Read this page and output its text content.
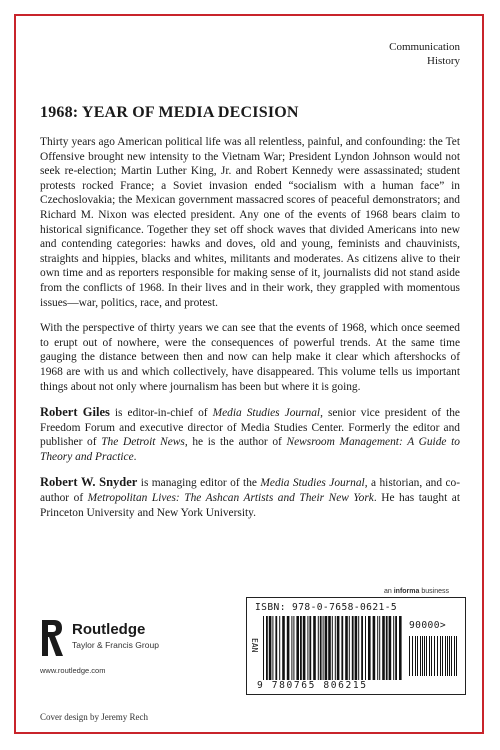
Communication
History
1968: YEAR OF MEDIA DECISION

Thirty years ago American political life was all relentless, painful, and confounding: the Tet Offensive brought new intensity to the Vietnam War; President Lyndon Johnson would not seek re-election; Martin Luther King, Jr. and Robert Kennedy were assassinated; student protests rocked France; a Soviet invasion ended “socialism with a human face” in Czechoslovakia; the Mexican government massacred scores of peaceful demonstrators; and Richard M. Nixon was elected president. Any one of the events of 1968 bears claim to historical significance. Together they set off shock waves that divided Americans into new and contending categories: hawks and doves, old and young, feminists and chauvinists, straights and hippies, blacks and whites, militants and moderates. As citizens alive to their own time and as reporters responsible for making sense of it, journalists did not stand aside from the conflicts of 1968. In their lives and in their work, they grappled with momentous issues—war, politics, race, and protest.

With the perspective of thirty years we can see that the events of 1968, which once seemed to erupt out of nowhere, were the consequences of powerful trends. At the same time gauging the distance between then and now can help make it clear which aftershocks of 1968 are with us and which collectively, have disappeared. This volume tells us important things about not only where journalism has been but where it is going.

Robert Giles is editor-in-chief of Media Studies Journal, senior vice president of the Freedom Forum and executive director of Media Studies Center. Formerly the editor and publisher of The Detroit News, he is the author of Newsroom Management: A Guide to Theory and Practice.

Robert W. Snyder is managing editor of the Media Studies Journal, a historian, and co-author of Metropolitan Lives: The Ashcan Artists and Their New York. He has taught at Princeton University and New York University.

an informa business
ISBN: 978-0-7658-0621-5
90000>
EAN
9 780765 806215
Routledge
Taylor & Francis Group
www.routledge.com
Cover design by Jeremy Rech
